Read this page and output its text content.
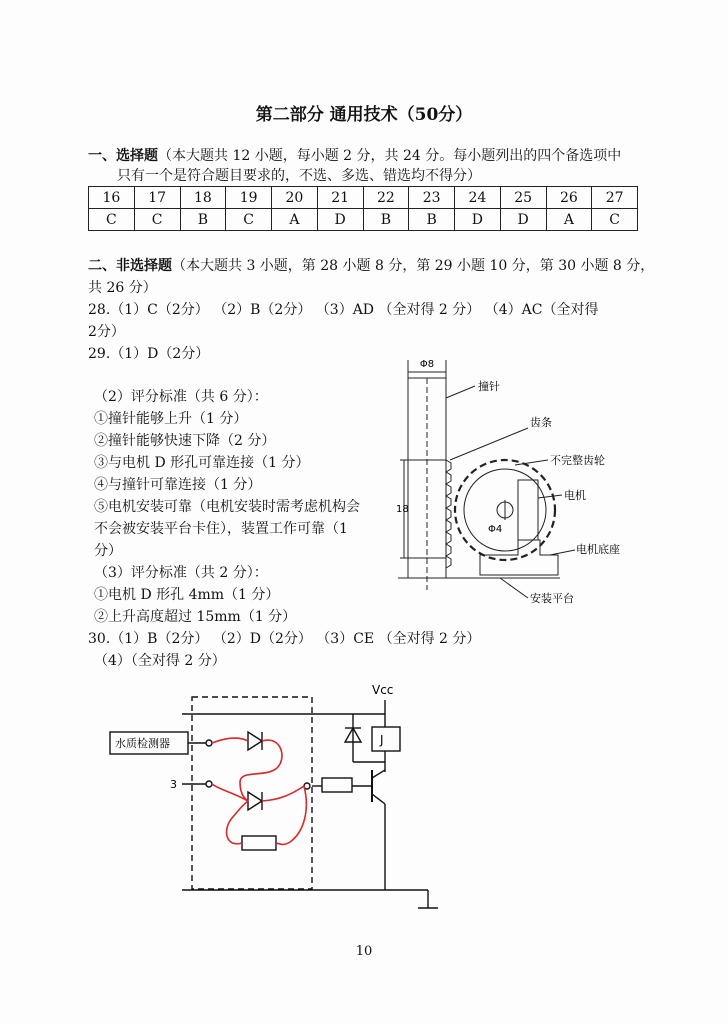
第二部分 通用技术（50分）
一、选择题（本大题共 12 小题，每小题 2 分，共 24 分。每小题列出的四个备选项中
只有一个是符合题目要求的，不选、多选、错选均不得分）
16	17	18	19	20	21	22	23	24	25	26	27
C	C	B	C	A	D	B	B	D	D	A	C
二、非选择题（本大题共 3 小题，第 28 小题 8 分，第 29 小题 10 分，第 30 小题 8 分，
共 26 分）
28.（1）C（2分） （2）B（2分） （3）AD （全对得 2 分） （4）AC（全对得
2分）
29.（1）D（2分）
（2）评分标准（共 6 分）：
①撞针能够上升（1 分）
②撞针能够快速下降（2 分）
③与电机 D 形孔可靠连接（1 分）
④与撞针可靠连接（1 分）
⑤电机安装可靠（电机安装时需考虑机构会
不会被安装平台卡住），装置工作可靠（1
分）
（3）评分标准（共 2 分）：
①电机 D 形孔 4mm（1 分）
②上升高度超过 15mm（1 分）
30.（1）B（2分） （2）D（2分） （3）CE （全对得 2 分）
（4）（全对得 2 分）
Φ8
18
Φ4
撞针
齿条
不完整齿轮
电机
电机底座
安装平台
Vcc
J
水质检测器
3
10
